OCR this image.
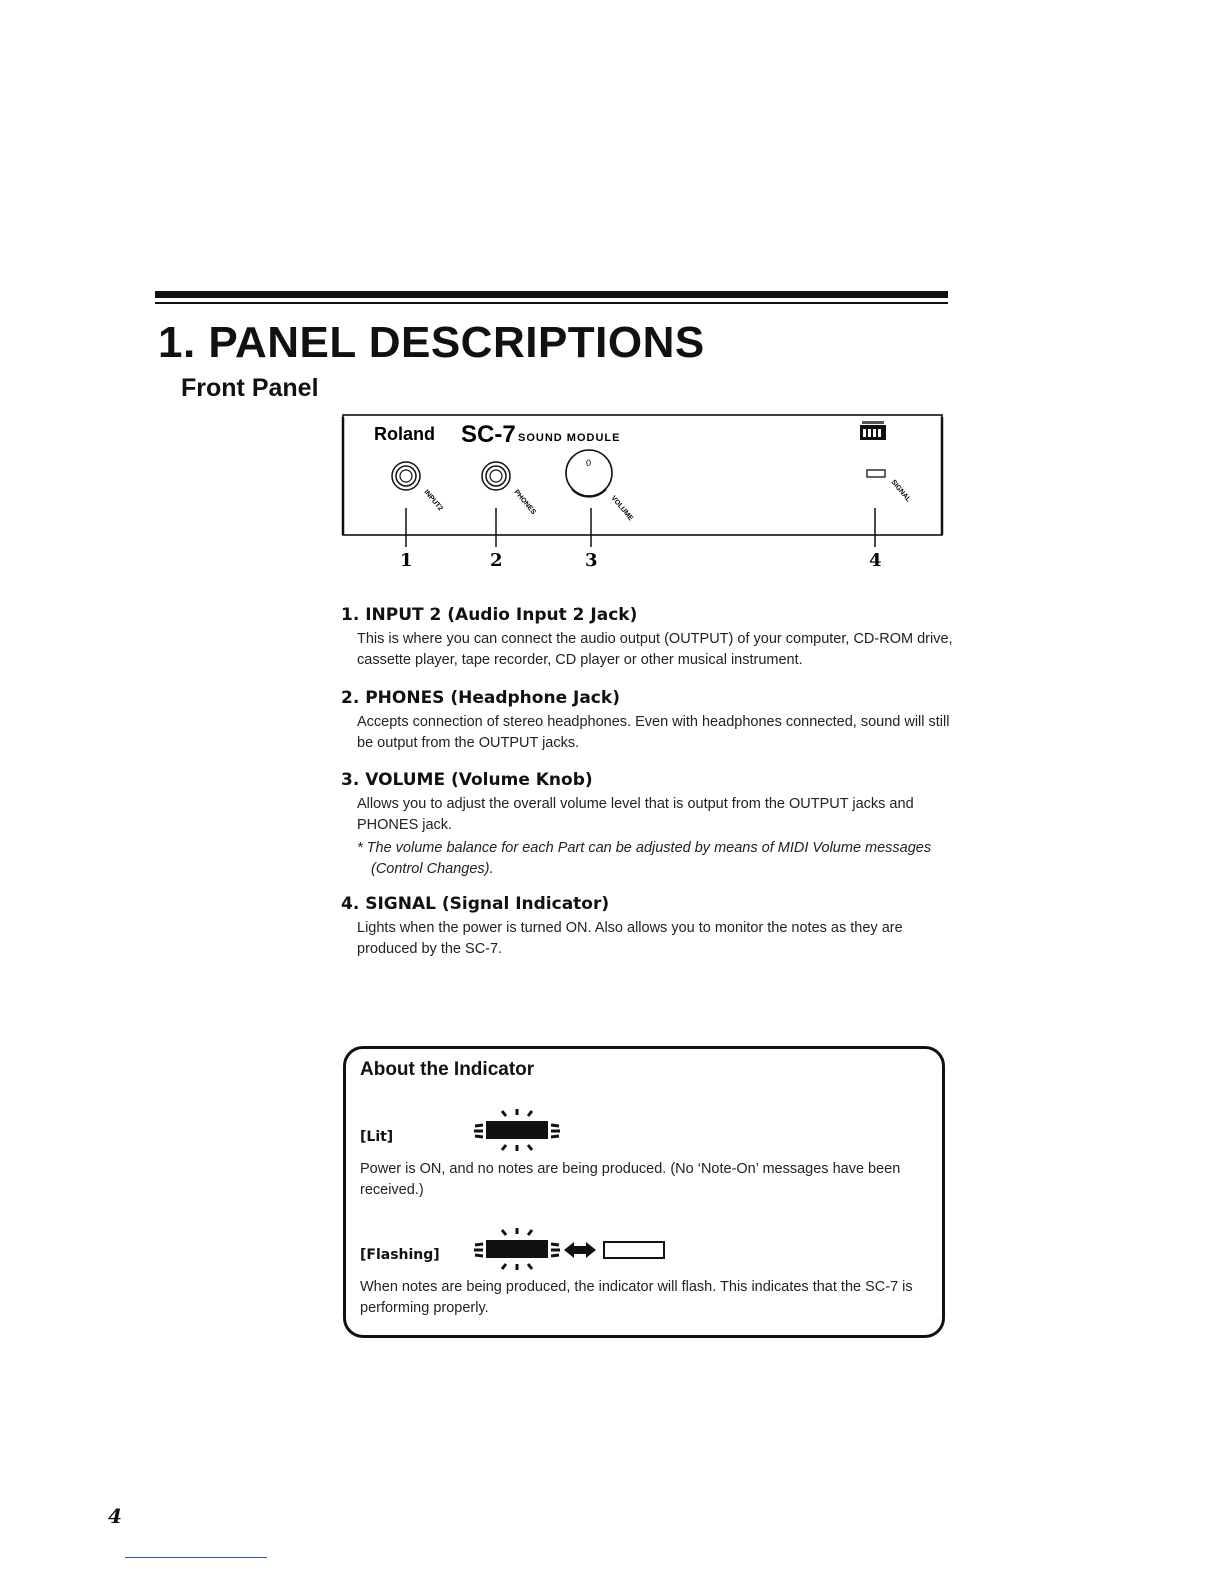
1. PANEL DESCRIPTIONS
Front Panel
Roland SC-7 SOUND MODULE
INPUT2	PHONES
0
VOLUME
SIGNAL
1	2	3	4
1. INPUT 2 (Audio Input 2 Jack)

This is where you can connect the audio output (OUTPUT) of your computer, CD-ROM drive, cassette player, tape recorder, CD player or other musical instrument.

2. PHONES (Headphone Jack)

Accepts connection of stereo headphones. Even with headphones connected, sound will still be output from the OUTPUT jacks.

3. VOLUME (Volume Knob)

Allows you to adjust the overall volume level that is output from the OUTPUT jacks and PHONES jack.

* The volume balance for each Part can be adjusted by means of MIDI Volume messages (Control Changes).

4. SIGNAL (Signal Indicator)

Lights when the power is turned ON. Also allows you to monitor the notes as they are produced by the SC-7.

About the Indicator
[Lit]

Power is ON, and no notes are being produced. (No ‘Note-On’ messages have been received.)

[Flashing]

When notes are being produced, the indicator will flash. This indicates that the SC-7 is performing properly.

4
